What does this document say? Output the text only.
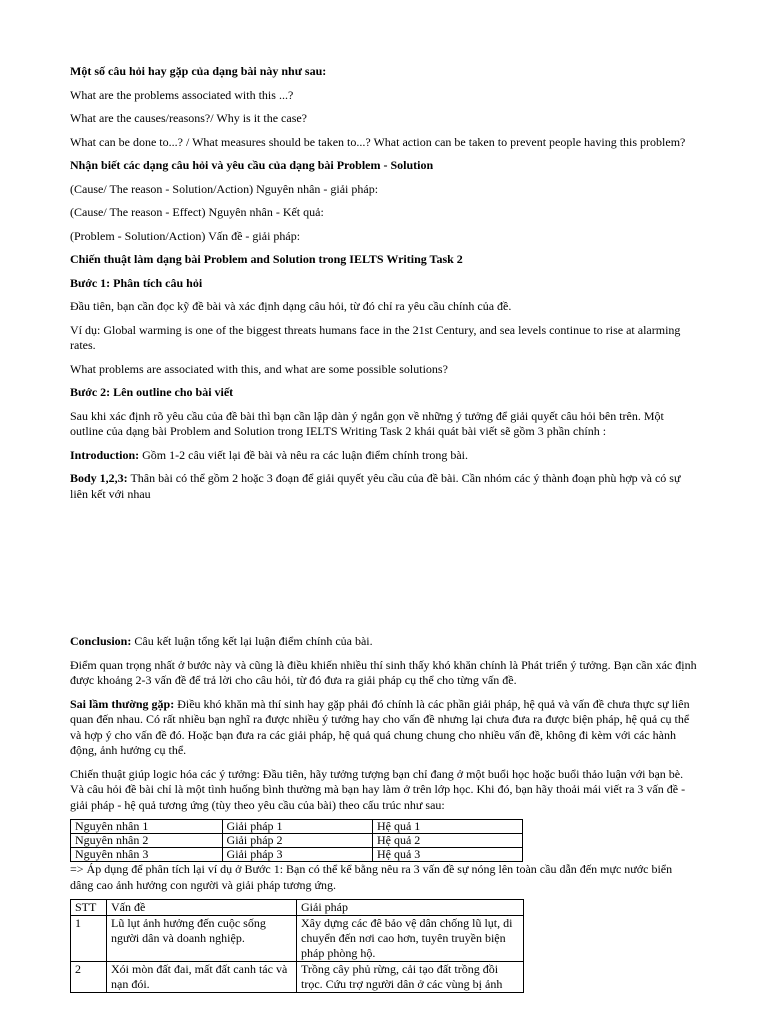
Một số câu hỏi hay gặp của dạng bài này như sau:

What are the problems associated with this ...?

What are the causes/reasons?/ Why is it the case?

What can be done to...? / What measures should be taken to...? What action can be taken to prevent people having this problem?

Nhận biết các dạng câu hỏi và yêu cầu của dạng bài Problem - Solution

(Cause/ The reason - Solution/Action) Nguyên nhân - giải pháp:

(Cause/ The reason - Effect) Nguyên nhân - Kết quả:

(Problem - Solution/Action) Vấn đề - giải pháp:

Chiến thuật làm dạng bài Problem and Solution trong IELTS Writing Task 2

Bước 1: Phân tích câu hỏi

Đầu tiên, bạn cần đọc kỹ đề bài và xác định dạng câu hỏi, từ đó chỉ ra yêu cầu chính của đề.

Ví dụ: Global warming is one of the biggest threats humans face in the 21st Century, and sea levels continue to rise at alarming rates.

What problems are associated with this, and what are some possible solutions?

Bước 2: Lên outline cho bài viết

Sau khi xác định rõ yêu cầu của đề bài thì bạn cần lập dàn ý ngắn gọn về những ý tưởng để giải quyết câu hỏi bên trên. Một outline của dạng bài Problem and Solution trong IELTS Writing Task 2 khái quát bài viết sẽ gồm 3 phần chính :

Introduction: Gồm 1-2 câu viết lại đề bài và nêu ra các luận điểm chính trong bài.

Body 1,2,3: Thân bài có thể gồm 2 hoặc 3 đoạn để giải quyết yêu cầu của đề bài. Cần nhóm các ý thành đoạn phù hợp và có sự liên kết với nhau

Conclusion: Câu kết luận tổng kết lại luận điểm chính của bài.

Điểm quan trọng nhất ở bước này và cũng là điều khiến nhiều thí sinh thấy khó khăn chính là Phát triển ý tưởng. Bạn cần xác định được khoảng 2-3 vấn đề để trả lời cho câu hỏi, từ đó đưa ra giải pháp cụ thể cho từng vấn đề.

Sai lầm thường gặp: Điều khó khăn mà thí sinh hay gặp phải đó chính là các phần giải pháp, hệ quả và vấn đề chưa thực sự liên quan đến nhau. Có rất nhiều bạn nghĩ ra được nhiều ý tưởng hay cho vấn đề nhưng lại chưa đưa ra được biện pháp, hệ quả cụ thể và hợp ý cho vấn đề đó. Hoặc bạn đưa ra các giải pháp, hệ quả quá chung chung cho nhiều vấn đề, không đi kèm với các hành động, ảnh hưởng cụ thể.

Chiến thuật giúp logic hóa các ý tưởng: Đầu tiên, hãy tưởng tượng bạn chỉ đang ở một buổi học hoặc buổi thảo luận với bạn bè. Và câu hỏi đề bài chỉ là một tình huống bình thường mà bạn hay làm ở trên lớp học. Khi đó, bạn hãy thoải mái viết ra 3 vấn đề - giải pháp - hệ quả tương ứng (tùy theo yêu cầu của bài) theo cấu trúc như sau:

Nguyên nhân 1	Giải pháp 1	Hệ quả 1
Nguyên nhân 2	Giải pháp 2	Hệ quả 2
Nguyên nhân 3	Giải pháp 3	Hệ quả 3

=> Áp dụng để phân tích lại ví dụ ở Bước 1: Bạn có thể kể bằng nêu ra 3 vấn đề sự nóng lên toàn cầu dẫn đến mực nước biển dâng cao ảnh hưởng con người và giải pháp tương ứng.

STT	Vấn đề	Giải pháp
1	Lũ lụt ảnh hưởng đến cuộc sống người dân và doanh nghiệp.	Xây dựng các đê bảo vệ dân chống lũ lụt, di chuyển đến nơi cao hơn, tuyên truyền biện pháp phòng hộ.
2	Xói mòn đất đai, mất đất canh tác và nạn đói.	Trồng cây phủ rừng, cải tạo đất trồng đồi trọc. Cứu trợ người dân ở các vùng bị ảnh
